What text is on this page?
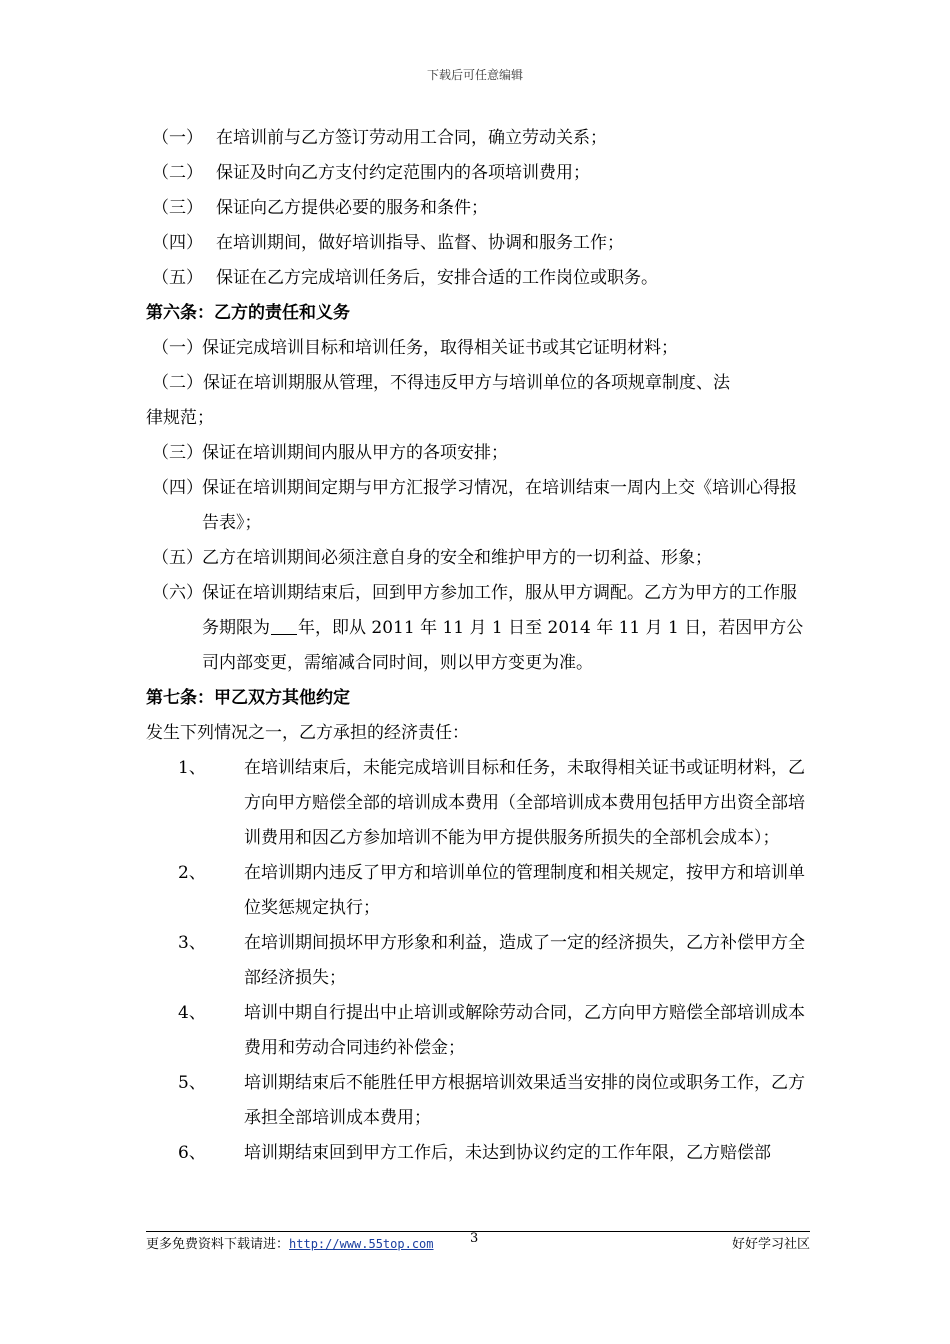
下载后可任意编辑
（一） 在培训前与乙方签订劳动用工合同，确立劳动关系；
（二） 保证及时向乙方支付约定范围内的各项培训费用；
（三） 保证向乙方提供必要的服务和条件；
（四） 在培训期间，做好培训指导、监督、协调和服务工作；
（五） 保证在乙方完成培训任务后，安排合适的工作岗位或职务。
第六条：乙方的责任和义务
（一） 保证完成培训目标和培训任务，取得相关证书或其它证明材料；
（二）保证在培训期服从管理，不得违反甲方与培训单位的各项规章制度、法
律规范；
（三） 保证在培训期间内服从甲方的各项安排；
（四） 保证在培训期间定期与甲方汇报学习情况，在培训结束一周内上交《培训心得报告表》；
（五） 乙方在培训期间必须注意自身的安全和维护甲方的一切利益、形象；
（六） 保证在培训期结束后，回到甲方参加工作，服从甲方调配。乙方为甲方的工作服务期限为 年，即从 2011 年 11 月 1 日至 2014 年 11 月 1 日，若因甲方公司内部变更，需缩减合同时间，则以甲方变更为准。
第七条：甲乙双方其他约定
发生下列情况之一，乙方承担的经济责任：
1、	在培训结束后，未能完成培训目标和任务，未取得相关证书或证明材料，乙方向甲方赔偿全部的培训成本费用（全部培训成本费用包括甲方出资全部培训费用和因乙方参加培训不能为甲方提供服务所损失的全部机会成本）；
2、	在培训期内违反了甲方和培训单位的管理制度和相关规定，按甲方和培训单位奖惩规定执行；
3、	在培训期间损坏甲方形象和利益，造成了一定的经济损失，乙方补偿甲方全部经济损失；
4、	培训中期自行提出中止培训或解除劳动合同，乙方向甲方赔偿全部培训成本费用和劳动合同违约补偿金；
5、	培训期结束后不能胜任甲方根据培训效果适当安排的岗位或职务工作，乙方承担全部培训成本费用；
6、	培训期结束回到甲方工作后，未达到协议约定的工作年限，乙方赔偿部
更多免费资料下载请进：http://www.55top.com	3	好好学习社区
